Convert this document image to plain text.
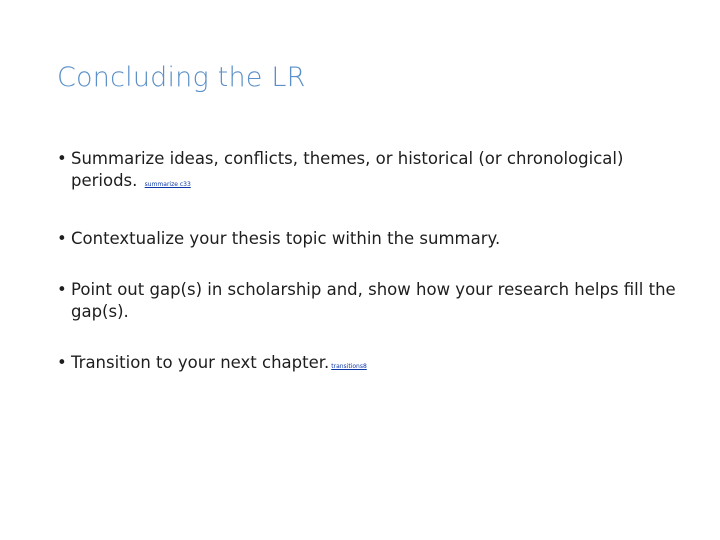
Concluding the LR
• Summarize ideas, conflicts, themes, or historical (or chronological) periods. summarize c33
• Contextualize your thesis topic within the summary.
• Point out gap(s) in scholarship and, show how your research helps fill the gap(s).
• Transition to your next chapter. transitions8
